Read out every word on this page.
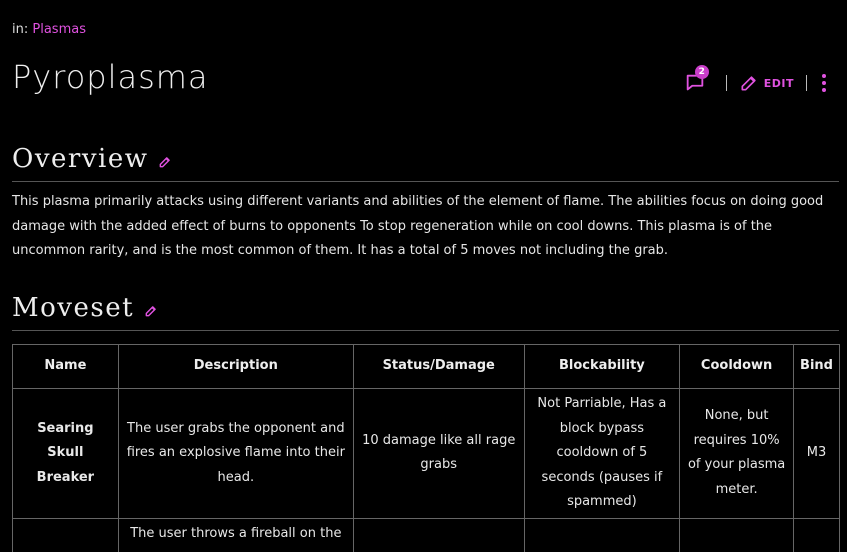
in: Plasmas
Pyroplasma	2
EDIT
Overview

This plasma primarily attacks using different variants and abilities of the element of flame. The abilities focus on doing good damage with the added effect of burns to opponents To stop regeneration while on cool downs. This plasma is of the uncommon rarity, and is the most common of them. It has a total of 5 moves not including the grab.

Moveset
Name	Description	Status/Damage	Blockability	Cooldown	Bind
Searing Skull Breaker	The user grabs the opponent and fires an explosive flame into their head.	10 damage like all rage grabs	Not Parriable, Has a block bypass cooldown of 5 seconds (pauses if spammed)	None, but requires 10% of your plasma meter.	M3
	The user throws a fireball on the				
